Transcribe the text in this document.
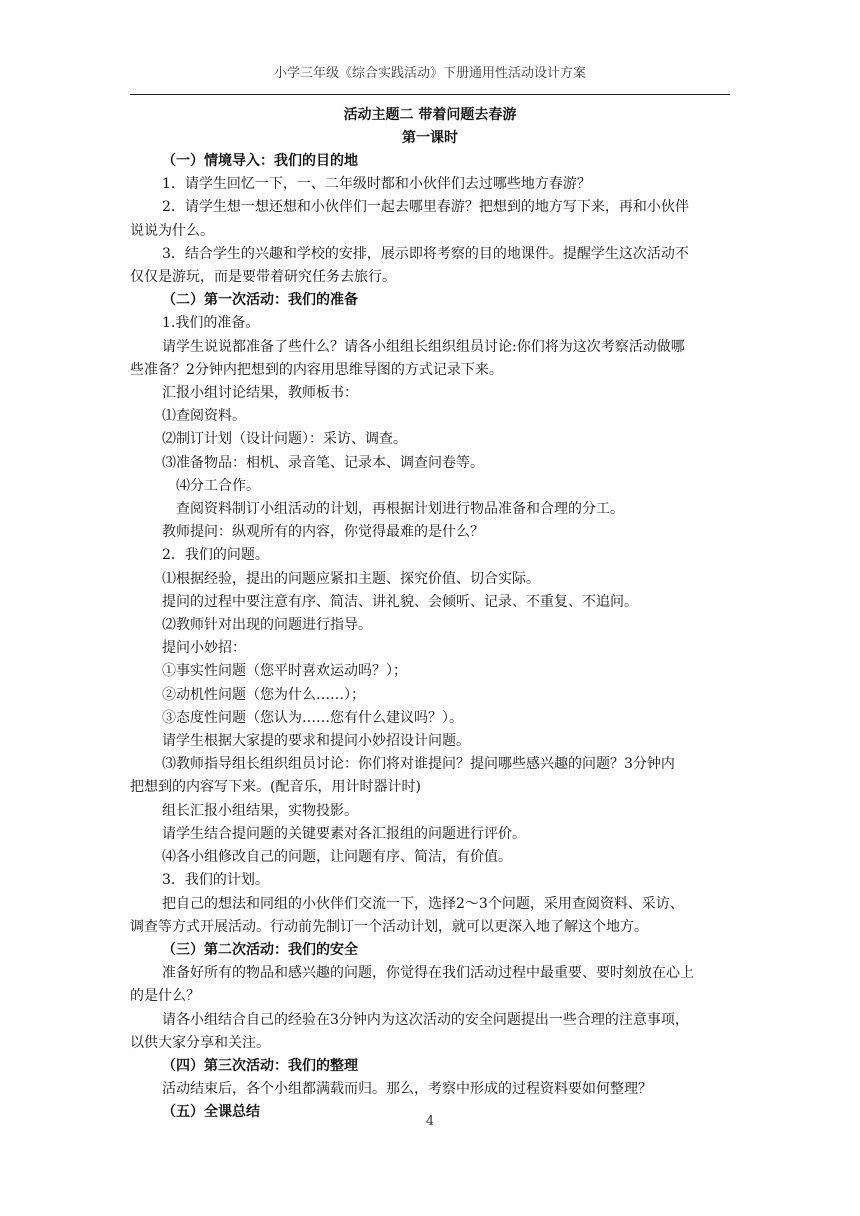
小学三年级《综合实践活动》下册通用性活动设计方案
活动主题二 带着问题去春游
第一课时
（一）情境导入：我们的目的地
1．请学生回忆一下，一、二年级时都和小伙伴们去过哪些地方春游？
2．请学生想一想还想和小伙伴们一起去哪里春游？把想到的地方写下来，再和小伙伴
说说为什么。
3．结合学生的兴趣和学校的安排，展示即将考察的目的地课件。提醒学生这次活动不
仅仅是游玩，而是要带着研究任务去旅行。
（二）第一次活动：我们的准备
1.我们的准备。
请学生说说都准备了些什么？请各小组组长组织组员讨论:你们将为这次考察活动做哪
些准备？2分钟内把想到的内容用思维导图的方式记录下来。
汇报小组讨论结果，教师板书：
⑴查阅资料。
⑵制订计划（设计问题）：采访、调查。
⑶准备物品：相机、录音笔、记录本、调查问卷等。
⑷分工合作。
查阅资料制订小组活动的计划，再根据计划进行物品准备和合理的分工。
教师提问：纵观所有的内容，你觉得最难的是什么？
2．我们的问题。
⑴根据经验，提出的问题应紧扣主题、探究价值、切合实际。
提问的过程中要注意有序、简洁、讲礼貌、会倾听、记录、不重复、不追问。
⑵教师针对出现的问题进行指导。
提问小妙招：
①事实性问题（您平时喜欢运动吗？）；
②动机性问题（您为什么……）；
③态度性问题（您认为……您有什么建议吗？）。
请学生根据大家提的要求和提问小妙招设计问题。
⑶教师指导组长组织组员讨论：你们将对谁提问？提问哪些感兴趣的问题？3分钟内
把想到的内容写下来。(配音乐，用计时器计时)
组长汇报小组结果，实物投影。
请学生结合提问题的关键要素对各汇报组的问题进行评价。
⑷各小组修改自己的问题，让问题有序、简洁，有价值。
3．我们的计划。
把自己的想法和同组的小伙伴们交流一下，选择2～3个问题，采用查阅资料、采访、
调查等方式开展活动。行动前先制订一个活动计划，就可以更深入地了解这个地方。
（三）第二次活动：我们的安全
准备好所有的物品和感兴趣的问题，你觉得在我们活动过程中最重要、要时刻放在心上
的是什么？
请各小组结合自己的经验在3分钟内为这次活动的安全问题提出一些合理的注意事项，
以供大家分享和关注。
（四）第三次活动：我们的整理
活动结束后，各个小组都满载而归。那么，考察中形成的过程资料要如何整理？
（五）全课总结
4
